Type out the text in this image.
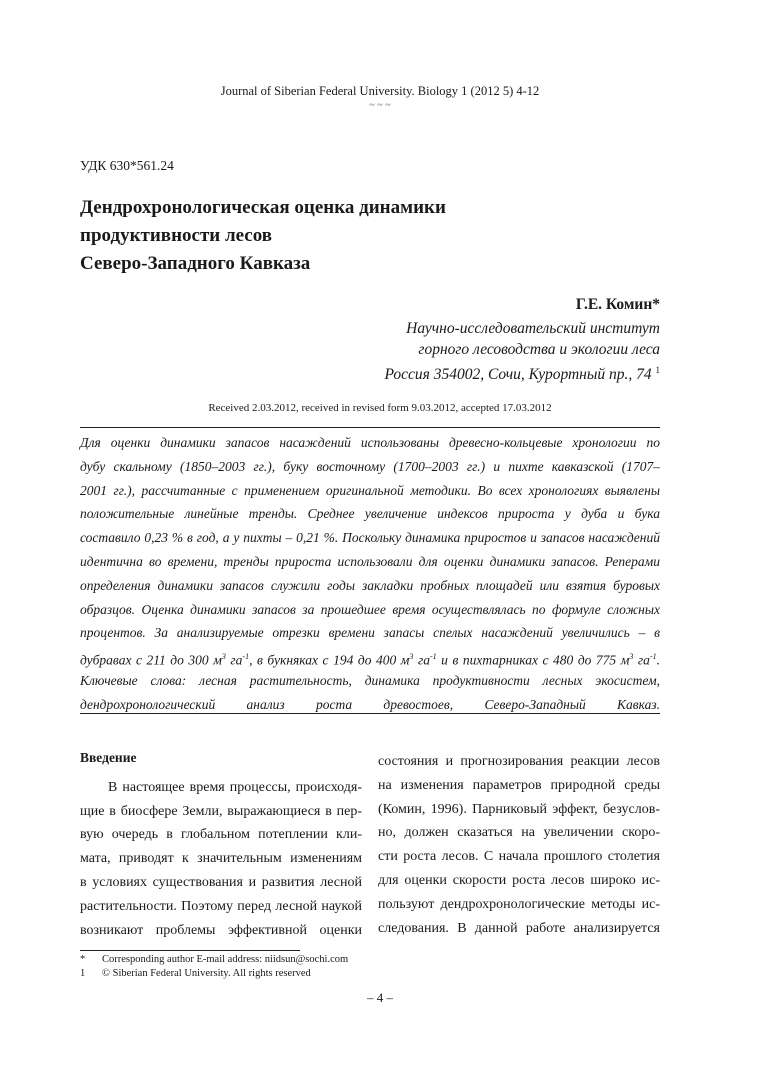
Journal of Siberian Federal University. Biology 1 (2012 5) 4-12
~ ~ ~
УДК 630*561.24
Дендрохронологическая оценка динамики
продуктивности лесов
Северо-Западного Кавказа
Г.Е. Комин*
Научно-исследовательский институт
горного лесоводства и экологии леса
Россия 354002, Сочи, Курортный пр., 74 $^1$
Received 2.03.2012, received in revised form 9.03.2012, accepted 17.03.2012
Для оценки динамики запасов насаждений использованы древесно-кольцевые хронологии по
дубу скальному (1850–2003 гг.), буку восточному (1700–2003 гг.) и пихте кавказской (1707–
2001 гг.), рассчитанные с применением оригинальной методики. Во всех хронологиях выявлены
положительные линейные тренды. Среднее увеличение индексов прироста у дуба и бука
составило 0,23 % в год, а у пихты – 0,21 %. Поскольку динамика приростов и запасов насаждений
идентична во времени, тренды прироста использовали для оценки динамики запасов. Реперами
определения динамики запасов служили годы закладки пробных площадей или взятия буровых
образцов. Оценка динамики запасов за прошедшее время осуществлялась по формуле сложных
процентов. За анализируемые отрезки времени запасы спелых насаждений увеличились – в
дубравах с 211 до 300 $м^3$ $га^{-1}$, в букняках с 194 до 400 $м^3$ $га^{-1}$ и в пихтарниках с 480 до 775 $м^3$ $га^{-1}$.
Ключевые слова: лесная растительность, динамика продуктивности лесных экосистем,
дендрохронологический анализ роста древостоев, Северо-Западный Кавказ.
Введение
В настоящее время процессы, происходя-
щие в биосфере Земли, выражающиеся в пер-
вую очередь в глобальном потеплении кли-
мата, приводят к значительным изменениям
в условиях существования и развития лесной
растительности. Поэтому перед лесной наукой
возникают проблемы эффективной оценки
состояния и прогнозирования реакции лесов
на изменения параметров природной среды
(Комин, 1996). Парниковый эффект, безуслов-
но, должен сказаться на увеличении скоро-
сти роста лесов. С начала прошлого столетия
для оценки скорости роста лесов широко ис-
пользуют дендрохронологические методы ис-
следования. В данной работе анализируется
* Corresponding author E-mail address: niidsun@sochi.com
1 © Siberian Federal University. All rights reserved
– 4 –
